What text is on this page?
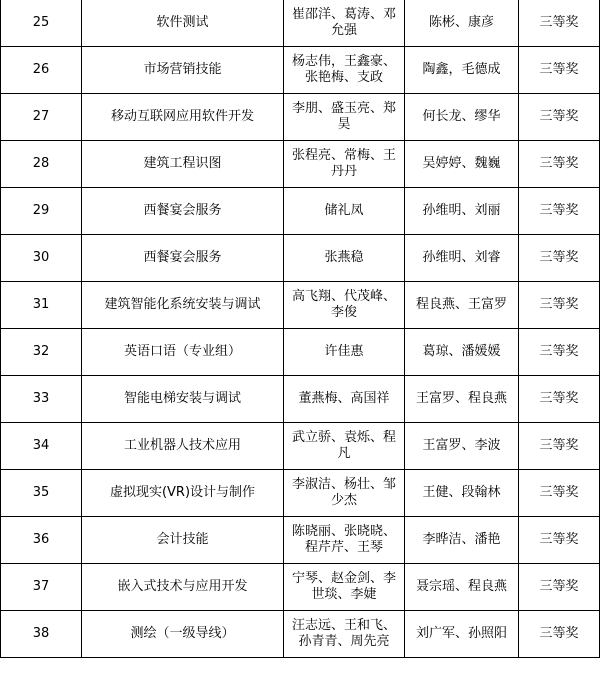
25	软件测试	崔邵洋、葛涛、邓允强	陈彬、康彦	三等奖
26	市场营销技能	杨志伟，王鑫豪、张艳梅、支政	陶鑫，毛德成	三等奖
27	移动互联网应用软件开发	李朋、盛玉亮、郑昊	何长龙、缪华	三等奖
28	建筑工程识图	张程亮、常梅、王丹丹	吴婷婷、魏巍	三等奖
29	西餐宴会服务	储礼凤	孙维明、刘丽	三等奖
30	西餐宴会服务	张燕稳	孙维明、刘睿	三等奖
31	建筑智能化系统安装与调试	高飞翔、代茂峰、李俊	程良燕、王富罗	三等奖
32	英语口语（专业组）	许佳惠	葛琼、潘媛媛	三等奖
33	智能电梯安装与调试	董燕梅、高国祥	王富罗、程良燕	三等奖
34	工业机器人技术应用	武立骄、袁烁、程凡	王富罗、李波	三等奖
35	虚拟现实(VR)设计与制作	李淑洁、杨壮、邹少杰	王健、段翰林	三等奖
36	会计技能	陈晓丽、张晓晓、程芹芹、王琴	李晔洁、潘艳	三等奖
37	嵌入式技术与应用开发	宁琴、赵金剑、李世琰、李婕	聂宗瑶、程良燕	三等奖
38	测绘（一级导线）	汪志远、王和飞、孙青青、周先亮	刘广军、孙照阳	三等奖
